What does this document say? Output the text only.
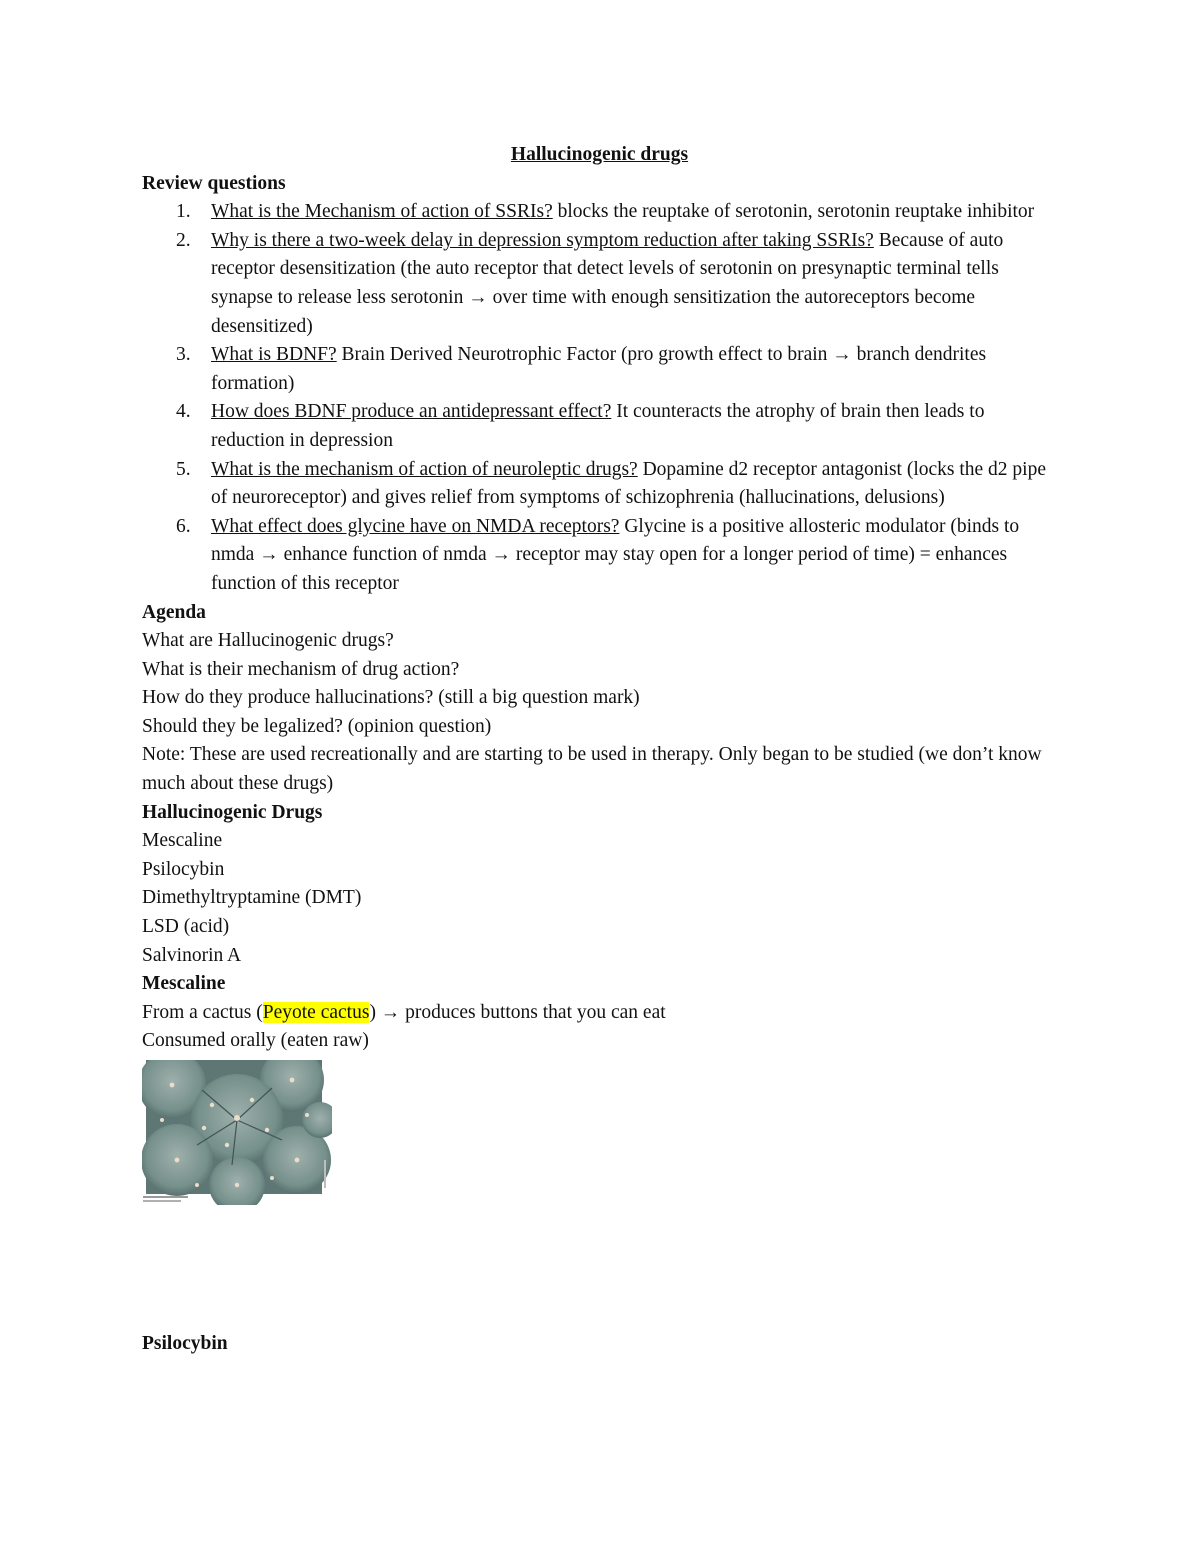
Hallucinogenic drugs
Review questions
1. What is the Mechanism of action of SSRIs? blocks the reuptake of serotonin, serotonin reuptake inhibitor
2. Why is there a two-week delay in depression symptom reduction after taking SSRIs? Because of auto receptor desensitization (the auto receptor that detect levels of serotonin on presynaptic terminal tells synapse to release less serotonin → over time with enough sensitization the autoreceptors become desensitized)
3. What is BDNF? Brain Derived Neurotrophic Factor (pro growth effect to brain → branch dendrites formation)
4. How does BDNF produce an antidepressant effect? It counteracts the atrophy of brain then leads to reduction in depression
5. What is the mechanism of action of neuroleptic drugs? Dopamine d2 receptor antagonist (locks the d2 pipe of neuroreceptor) and gives relief from symptoms of schizophrenia (hallucinations, delusions)
6. What effect does glycine have on NMDA receptors? Glycine is a positive allosteric modulator (binds to nmda → enhance function of nmda → receptor may stay open for a longer period of time) = enhances function of this receptor
Agenda
What are Hallucinogenic drugs?
What is their mechanism of drug action?
How do they produce hallucinations? (still a big question mark)
Should they be legalized? (opinion question)
Note: These are used recreationally and are starting to be used in therapy. Only began to be studied (we don’t know much about these drugs)
Hallucinogenic Drugs
Mescaline
Psilocybin
Dimethyltryptamine (DMT)
LSD (acid)
Salvinorin A
Mescaline
From a cactus (Peyote cactus) → produces buttons that you can eat
Consumed orally (eaten raw)
Psilocybin
